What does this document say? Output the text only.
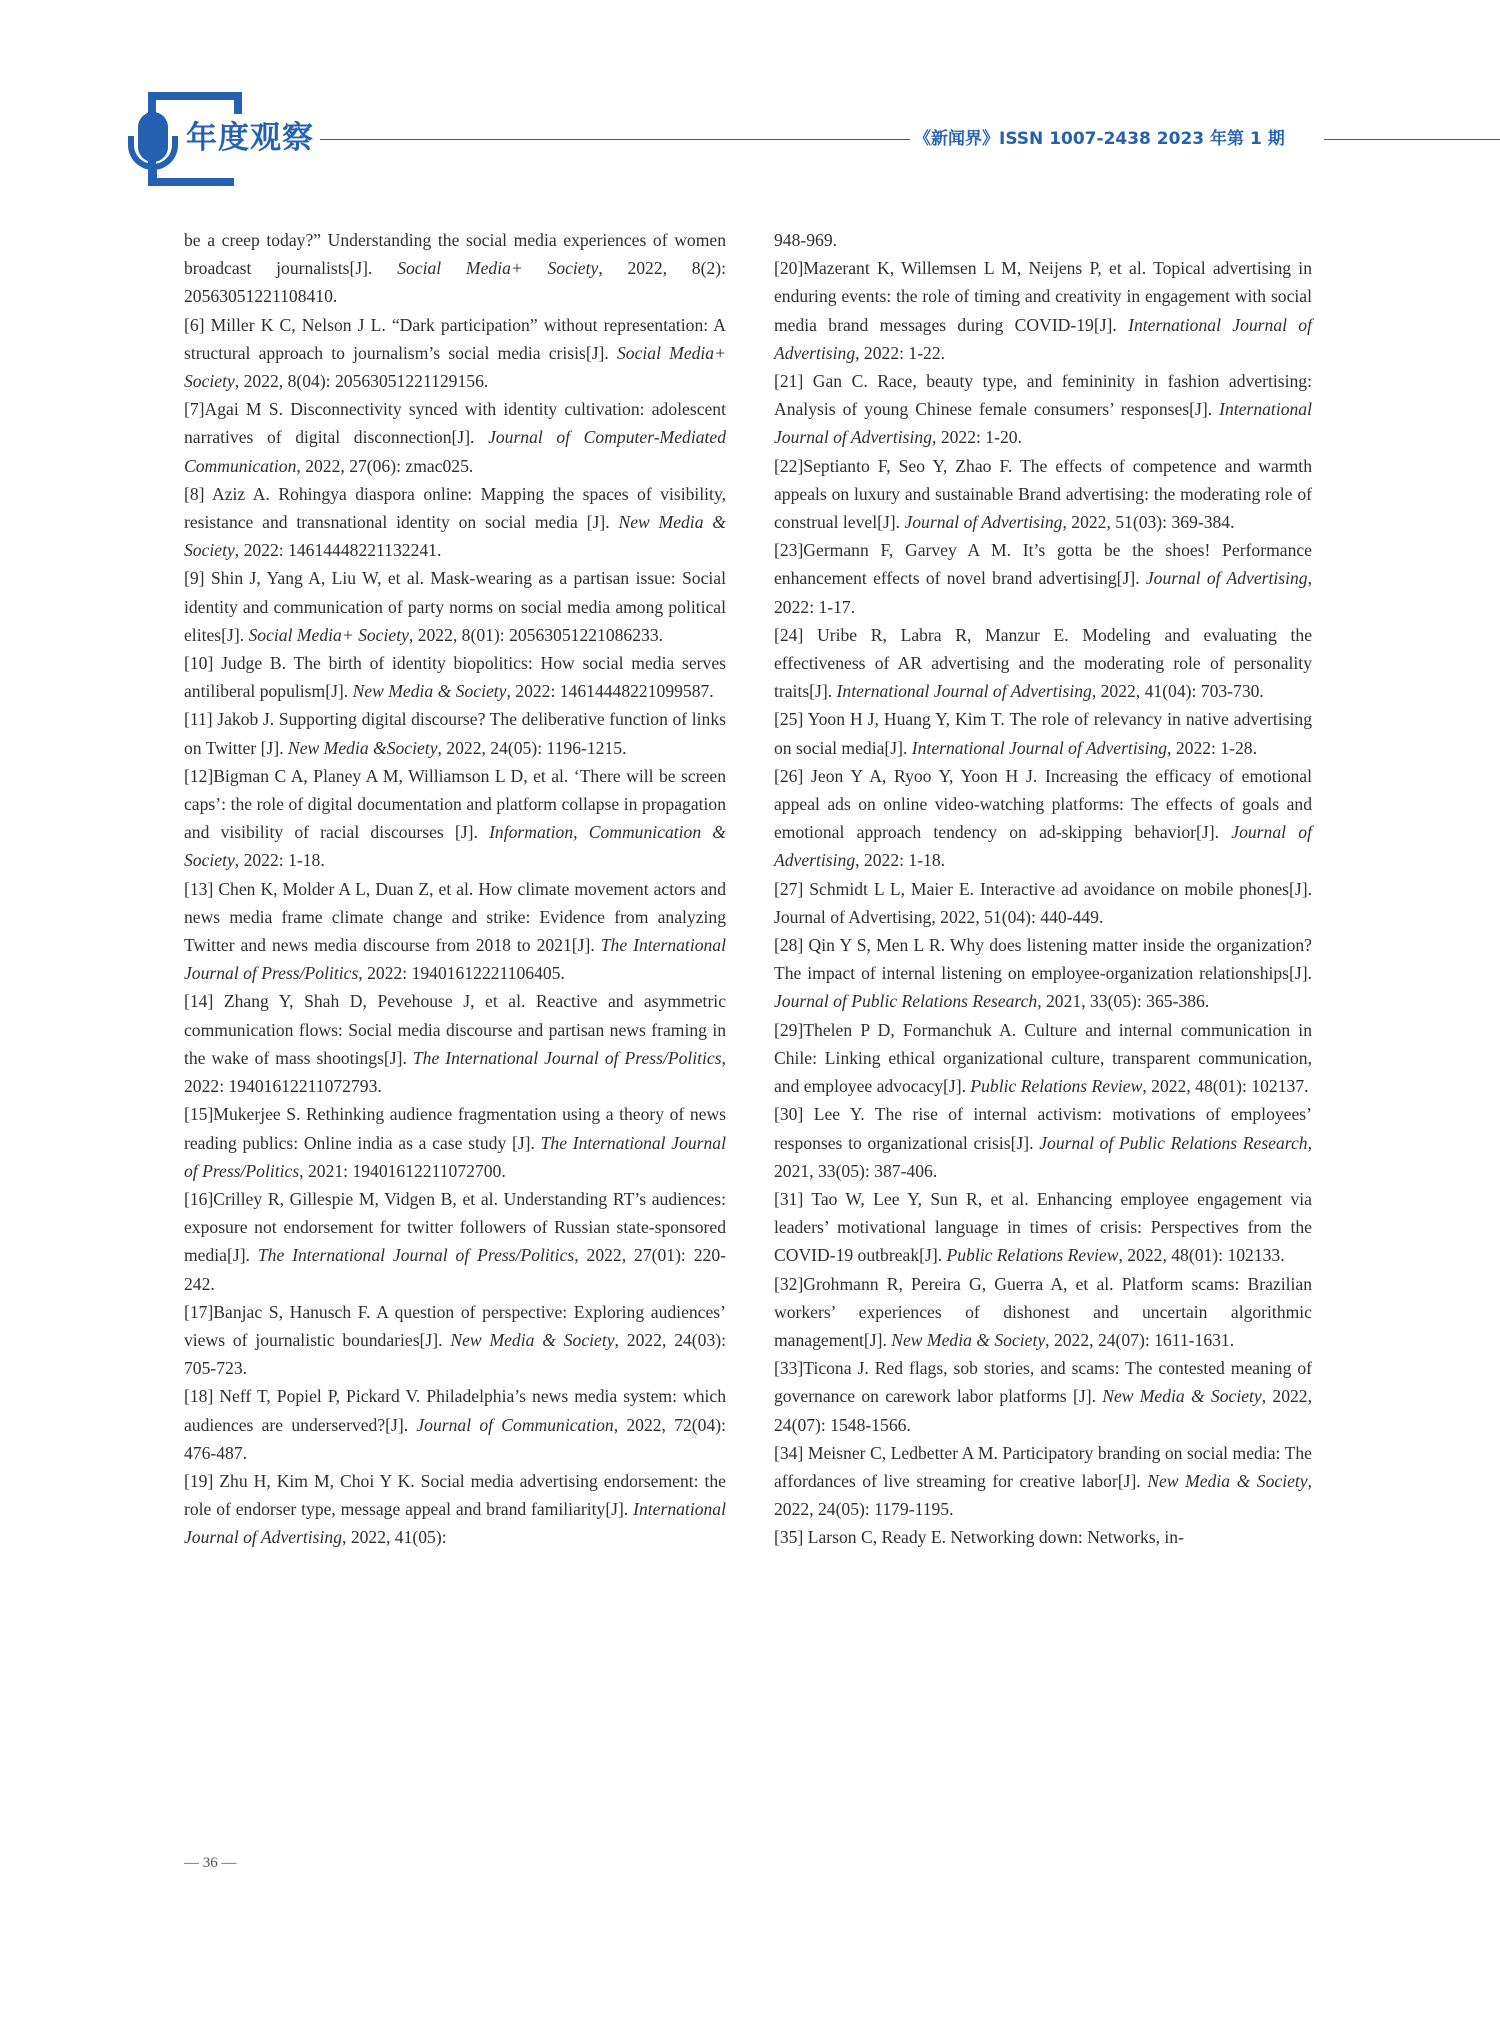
年度观察	《新闻界》ISSN 1007-2438 2023 年第 1 期

be a creep today?” Understanding the social media experiences of women broadcast journalists[J]. Social Media+ Society, 2022, 8(2): 20563051221108410.

[6] Miller K C, Nelson J L. “Dark participation” without representation: A structural approach to journalism’s social media crisis[J]. Social Media+ Society, 2022, 8(04): 20563051221129156.

[7]Agai M S. Disconnectivity synced with identity cultivation: adolescent narratives of digital disconnection[J]. Journal of Computer-Mediated Communication, 2022, 27(06): zmac025.

[8] Aziz A. Rohingya diaspora online: Mapping the spaces of visibility, resistance and transnational identity on social media [J]. New Media & Society, 2022: 14614448221132241.

[9] Shin J, Yang A, Liu W, et al. Mask-wearing as a partisan issue: Social identity and communication of party norms on social media among political elites[J]. Social Media+ Society, 2022, 8(01): 20563051221086233.

[10] Judge B. The birth of identity biopolitics: How social media serves antiliberal populism[J]. New Media & Society, 2022: 14614448221099587.

[11] Jakob J. Supporting digital discourse? The deliberative function of links on Twitter [J]. New Media &Society, 2022, 24(05): 1196-1215.

[12]Bigman C A, Planey A M, Williamson L D, et al. ‘There will be screen caps’: the role of digital documentation and platform collapse in propagation and visibility of racial discourses [J]. Information, Communication & Society, 2022: 1-18.

[13] Chen K, Molder A L, Duan Z, et al. How climate movement actors and news media frame climate change and strike: Evidence from analyzing Twitter and news media discourse from 2018 to 2021[J]. The International Journal of Press/Politics, 2022: 19401612221106405.

[14] Zhang Y, Shah D, Pevehouse J, et al. Reactive and asymmetric communication flows: Social media discourse and partisan news framing in the wake of mass shootings[J]. The International Journal of Press/Politics, 2022: 19401612211072793.

[15]Mukerjee S. Rethinking audience fragmentation using a theory of news reading publics: Online india as a case study [J]. The International Journal of Press/Politics, 2021: 19401612211072700.

[16]Crilley R, Gillespie M, Vidgen B, et al. Understanding RT’s audiences: exposure not endorsement for twitter followers of Russian state-sponsored media[J]. The International Journal of Press/Politics, 2022, 27(01): 220-242.

[17]Banjac S, Hanusch F. A question of perspective: Exploring audiences’ views of journalistic boundaries[J]. New Media & Society, 2022, 24(03): 705-723.

[18] Neff T, Popiel P, Pickard V. Philadelphia’s news media system: which audiences are underserved?[J]. Journal of Communication, 2022, 72(04): 476-487.

[19] Zhu H, Kim M, Choi Y K. Social media advertising endorsement: the role of endorser type, message appeal and brand familiarity[J]. International Journal of Advertising, 2022, 41(05):

948-969.

[20]Mazerant K, Willemsen L M, Neijens P, et al. Topical advertising in enduring events: the role of timing and creativity in engagement with social media brand messages during COVID-19[J]. International Journal of Advertising, 2022: 1-22.

[21] Gan C. Race, beauty type, and femininity in fashion advertising: Analysis of young Chinese female consumers’ responses[J]. International Journal of Advertising, 2022: 1-20.

[22]Septianto F, Seo Y, Zhao F. The effects of competence and warmth appeals on luxury and sustainable Brand advertising: the moderating role of construal level[J]. Journal of Advertising, 2022, 51(03): 369-384.

[23]Germann F, Garvey A M. It’s gotta be the shoes! Performance enhancement effects of novel brand advertising[J]. Journal of Advertising, 2022: 1-17.

[24] Uribe R, Labra R, Manzur E. Modeling and evaluating the effectiveness of AR advertising and the moderating role of personality traits[J]. International Journal of Advertising, 2022, 41(04): 703-730.

[25] Yoon H J, Huang Y, Kim T. The role of relevancy in native advertising on social media[J]. International Journal of Advertising, 2022: 1-28.

[26] Jeon Y A, Ryoo Y, Yoon H J. Increasing the efficacy of emotional appeal ads on online video-watching platforms: The effects of goals and emotional approach tendency on ad-skipping behavior[J]. Journal of Advertising, 2022: 1-18.

[27] Schmidt L L, Maier E. Interactive ad avoidance on mobile phones[J]. Journal of Advertising, 2022, 51(04): 440-449.

[28] Qin Y S, Men L R. Why does listening matter inside the organization? The impact of internal listening on employee-organization relationships[J]. Journal of Public Relations Research, 2021, 33(05): 365-386.

[29]Thelen P D, Formanchuk A. Culture and internal communication in Chile: Linking ethical organizational culture, transparent communication, and employee advocacy[J]. Public Relations Review, 2022, 48(01): 102137.

[30] Lee Y. The rise of internal activism: motivations of employees’ responses to organizational crisis[J]. Journal of Public Relations Research, 2021, 33(05): 387-406.

[31] Tao W, Lee Y, Sun R, et al. Enhancing employee engagement via leaders’ motivational language in times of crisis: Perspectives from the COVID-19 outbreak[J]. Public Relations Review, 2022, 48(01): 102133.

[32]Grohmann R, Pereira G, Guerra A, et al. Platform scams: Brazilian workers’ experiences of dishonest and uncertain algorithmic management[J]. New Media & Society, 2022, 24(07): 1611-1631.

[33]Ticona J. Red flags, sob stories, and scams: The contested meaning of governance on carework labor platforms [J]. New Media & Society, 2022, 24(07): 1548-1566.

[34] Meisner C, Ledbetter A M. Participatory branding on social media: The affordances of live streaming for creative labor[J]. New Media & Society, 2022, 24(05): 1179-1195.

[35] Larson C, Ready E. Networking down: Networks, in-

— 36 —
